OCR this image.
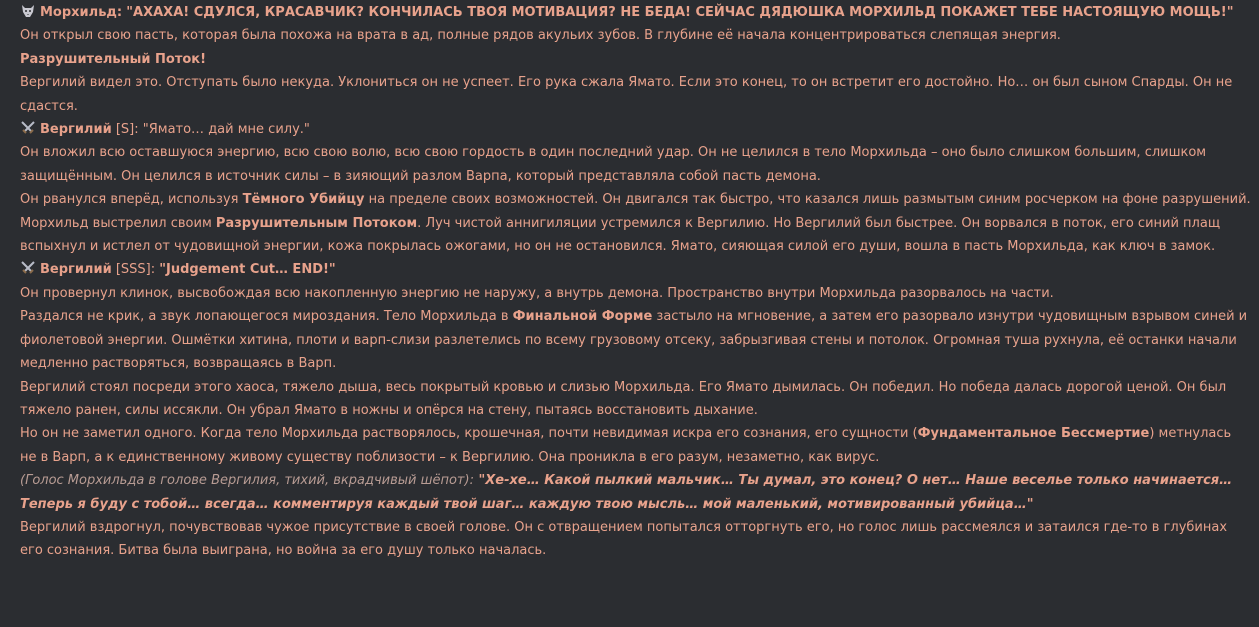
Морхильд: "АХАХА! СДУЛСЯ, КРАСАВЧИК? КОНЧИЛАСЬ ТВОЯ МОТИВАЦИЯ? НЕ БЕДА! СЕЙЧАС ДЯДЮШКА МОРХИЛЬД ПОКАЖЕТ ТЕБЕ НАСТОЯЩУЮ МОЩЬ!"
Он открыл свою пасть, которая была похожа на врата в ад, полные рядов акульих зубов. В глубине её начала концентрироваться слепящая энергия.
Разрушительный Поток!
Вергилий видел это. Отступать было некуда. Уклониться он не успеет. Его рука сжала Ямато. Если это конец, то он встретит его достойно. Но… он был сыном Спарды. Он не сдастся.
Вергилий [S]: "Ямато… дай мне силу."
Он вложил всю оставшуюся энергию, всю свою волю, всю свою гордость в один последний удар. Он не целился в тело Морхильда – оно было слишком большим, слишком защищённым. Он целился в источник силы – в зияющий разлом Варпа, который представляла собой пасть демона.
Он рванулся вперёд, используя Тёмного Убийцу на пределе своих возможностей. Он двигался так быстро, что казался лишь размытым синим росчерком на фоне разрушений.
Морхильд выстрелил своим Разрушительным Потоком. Луч чистой аннигиляции устремился к Вергилию. Но Вергилий был быстрее. Он ворвался в поток, его синий плащ вспыхнул и истлел от чудовищной энергии, кожа покрылась ожогами, но он не остановился. Ямато, сияющая силой его души, вошла в пасть Морхильда, как ключ в замок.
Вергилий [SSS]: "Judgement Cut… END!"
Он провернул клинок, высвобождая всю накопленную энергию не наружу, а внутрь демона. Пространство внутри Морхильда разорвалось на части.
Раздался не крик, а звук лопающегося мироздания. Тело Морхильда в Финальной Форме застыло на мгновение, а затем его разорвало изнутри чудовищным взрывом синей и фиолетовой энергии. Ошмётки хитина, плоти и варп-слизи разлетелись по всему грузовому отсеку, забрызгивая стены и потолок. Огромная туша рухнула, её останки начали медленно растворяться, возвращаясь в Варп.
Вергилий стоял посреди этого хаоса, тяжело дыша, весь покрытый кровью и слизью Морхильда. Его Ямато дымилась. Он победил. Но победа далась дорогой ценой. Он был тяжело ранен, силы иссякли. Он убрал Ямато в ножны и опёрся на стену, пытаясь восстановить дыхание.
Но он не заметил одного. Когда тело Морхильда растворялось, крошечная, почти невидимая искра его сознания, его сущности (Фундаментальное Бессмертие) метнулась не в Варп, а к единственному живому существу поблизости – к Вергилию. Она проникла в его разум, незаметно, как вирус.
(Голос Морхильда в голове Вергилия, тихий, вкрадчивый шёпот): "Хе-хе… Какой пылкий мальчик… Ты думал, это конец? О нет… Наше веселье только начинается… Теперь я буду с тобой… всегда… комментируя каждый твой шаг… каждую твою мысль… мой маленький, мотивированный убийца…"
Вергилий вздрогнул, почувствовав чужое присутствие в своей голове. Он с отвращением попытался отторгнуть его, но голос лишь рассмеялся и затаился где-то в глубинах его сознания. Битва была выиграна, но война за его душу только началась.
